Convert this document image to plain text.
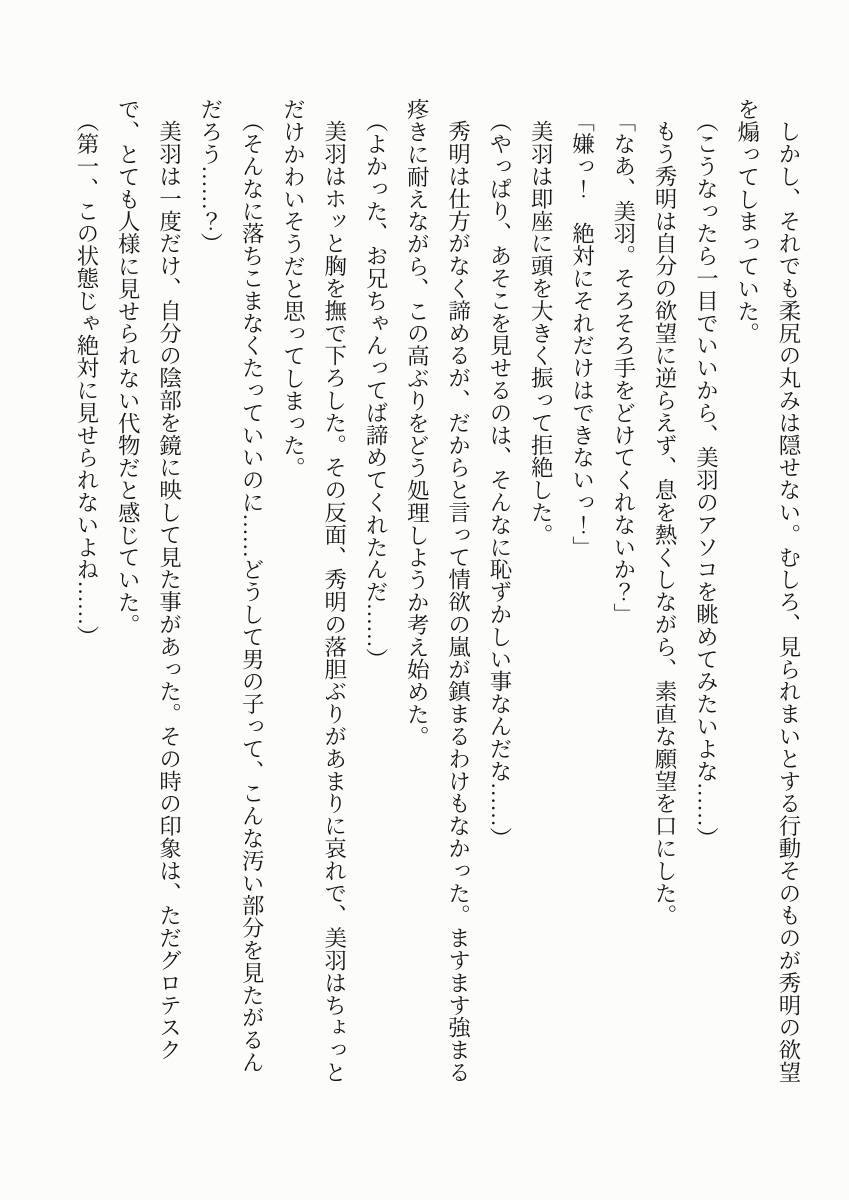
しかし、それでも柔尻の丸みは隠せない。むしろ、見られまいとする行動そのものが秀明の欲望を煽ってしまっていた。

（こうなったら一目でいいから、美羽のアソコを眺めてみたいよな……）

もう秀明は自分の欲望に逆らえず、息を熱くしながら、素直な願望を口にした。

「なあ、美羽。そろそろ手をどけてくれないか？」

「嫌っ！　絶対にそれだけはできないっ！」

美羽は即座に頭を大きく振って拒絶した。

（やっぱり、あそこを見せるのは、そんなに恥ずかしい事なんだな……）

秀明は仕方がなく諦めるが、だからと言って情欲の嵐が鎮まるわけもなかった。ますます強まる疼きに耐えながら、この高ぶりをどう処理しようか考え始めた。

（よかった、お兄ちゃんってば諦めてくれたんだ……）

美羽はホッと胸を撫で下ろした。その反面、秀明の落胆ぶりがあまりに哀れで、美羽はちょっとだけかわいそうだと思ってしまった。

（そんなに落ちこまなくたっていいのに……どうして男の子って、こんな汚い部分を見たがるんだろう……？）

美羽は一度だけ、自分の陰部を鏡に映して見た事があった。その時の印象は、ただグロテスクで、とても人様に見せられない代物だと感じていた。

（第一、この状態じゃ絶対に見せられないよね……）
